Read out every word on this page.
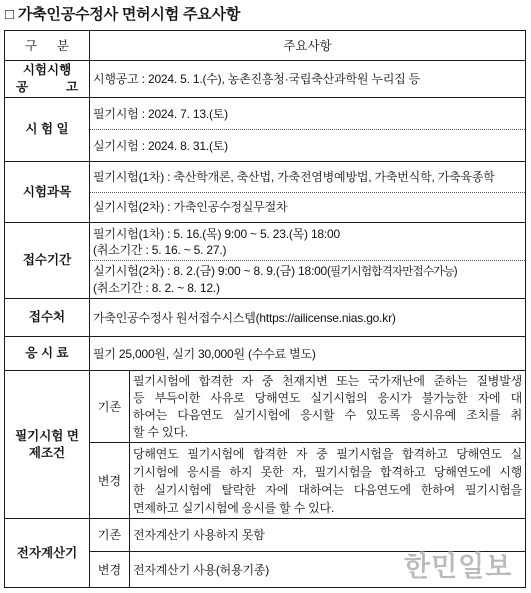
□ 가축인공수정사 면허시험 주요사항
구 분	주요사항
시험시행
공 고
시행공고 : 2024. 5. 1.(수), 농촌진흥청·국립축산과학원 누리집 등
시 험 일
필기시험 : 2024. 7. 13.(토)
실기시험 : 2024. 8. 31.(토)
시험과목
필기시험(1차) : 축산학개론, 축산법, 가축전염병예방법, 가축번식학, 가축육종학
실기시험(2차) : 가축인공수정실무절차
접수기간
필기시험(1차) : 5. 16.(목) 9:00 ~ 5. 23.(목) 18:00
(취소기간 : 5. 16. ~ 5. 27.)
실기시험(2차) : 8. 2.(금) 9:00 ~ 8. 9.(금) 18:00(필기시험합격자만접수가능)
(취소기간 : 8. 2. ~ 8. 12.)
접수처 가축인공수정사 원서접수시스템(https://ailicense.nias.go.kr)
응 시 료 필기 25,000원, 실기 30,000원 (수수료 별도)
필기시험 면
제조건
기존
필기시험에 합격한 자 중 천재지변 또는 국가재난에 준하는 질병발생
등 부득이한 사유로 당해연도 실기시험의 응시가 불가능한 자에 대
하여는 다음연도 실기시험에 응시할 수 있도록 응시유예 조치를 취
할 수 있다.
변경
당해연도 필기시험에 합격한 자 중 필기시험을 합격하고 당해연도 실
기시험에 응시를 하지 못한 자, 필기시험을 합격하고 당해연도에 시행
한 실기시험에 탈락한 자에 대하여는 다음연도에 한하여 필기시험을
면제하고 실기시험에 응시를 할 수 있다.
전자계산기
기존 전자계산기 사용하지 못함
변경 전자계산기 사용(허용기종)	한민일보
